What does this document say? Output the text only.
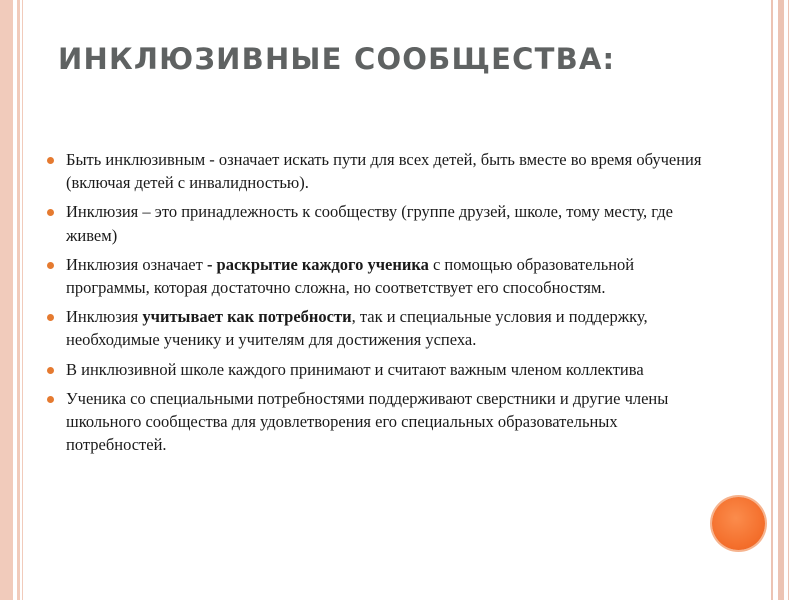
ИНКЛЮЗИВНЫЕ СООБЩЕСТВА:
Быть инклюзивным - означает искать пути для всех детей, быть вместе во время обучения (включая детей с инвалидностью).
Инклюзия – это принадлежность к сообществу (группе друзей, школе, тому месту, где живем)
Инклюзия означает - раскрытие каждого ученика с помощью образовательной программы, которая достаточно сложна, но соответствует его способностям.
Инклюзия учитывает как потребности, так и специальные условия и поддержку, необходимые ученику и учителям для достижения успеха.
В инклюзивной школе каждого принимают и считают важным членом коллектива
Ученика со специальными потребностями поддерживают сверстники и другие члены школьного сообщества для удовлетворения его специальных образовательных потребностей.
